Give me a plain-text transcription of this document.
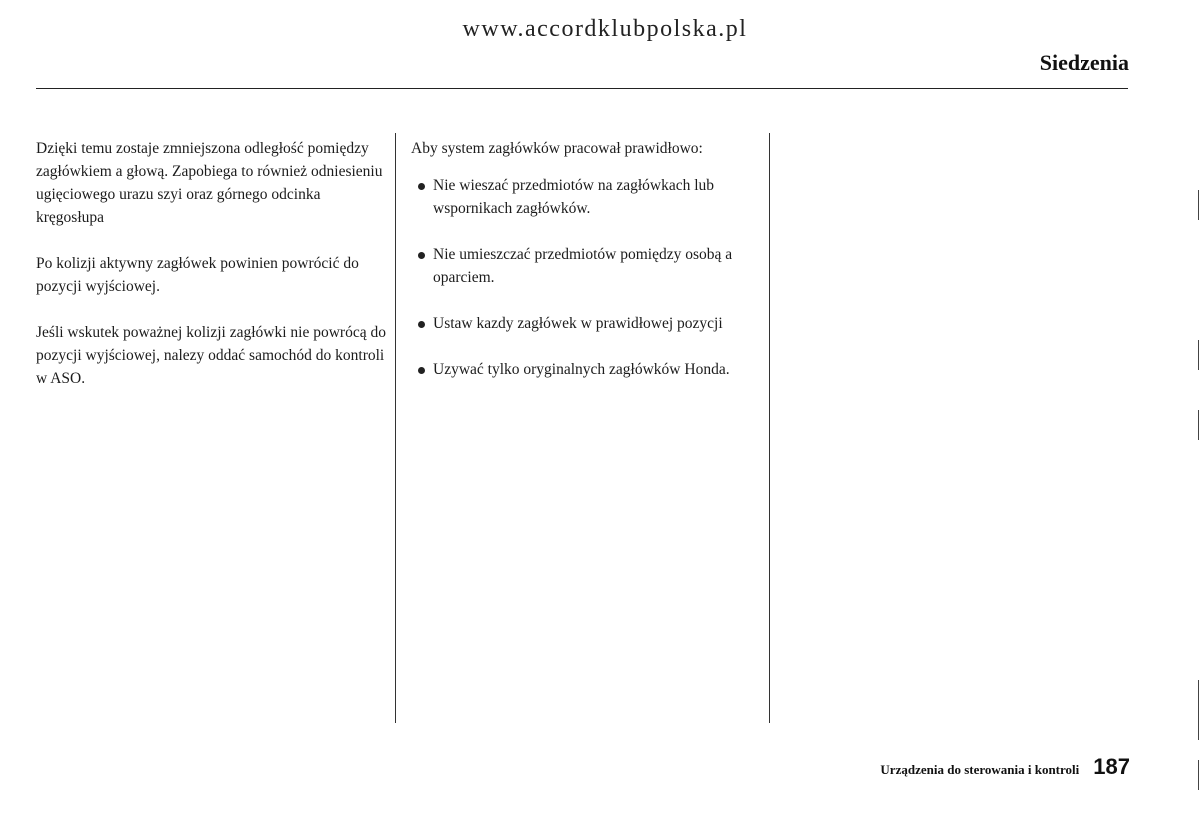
www.accordklubpolska.pl
Siedzenia

Dzięki temu zostaje zmniejszona odległość pomiędzy zagłówkiem a głową. Zapobiega to również odniesieniu ugięciowego urazu szyi oraz górnego odcinka kręgosłupa

Po kolizji aktywny zagłówek powinien powrócić do pozycji wyjściowej.

Jeśli wskutek poważnej kolizji zagłówki nie powrócą do pozycji wyjściowej, nalezy oddać samochód do kontroli w ASO.

Aby system zagłówków pracował prawidłowo:

Nie wieszać przedmiotów na zagłówkach lub wspornikach zagłówków.
Nie umieszczać przedmiotów pomiędzy osobą a oparciem.
Ustaw kazdy zagłówek w prawidłowej pozycji
Uzywać tylko oryginalnych zagłówków Honda.
Urządzenia do sterowania i kontroli 187
